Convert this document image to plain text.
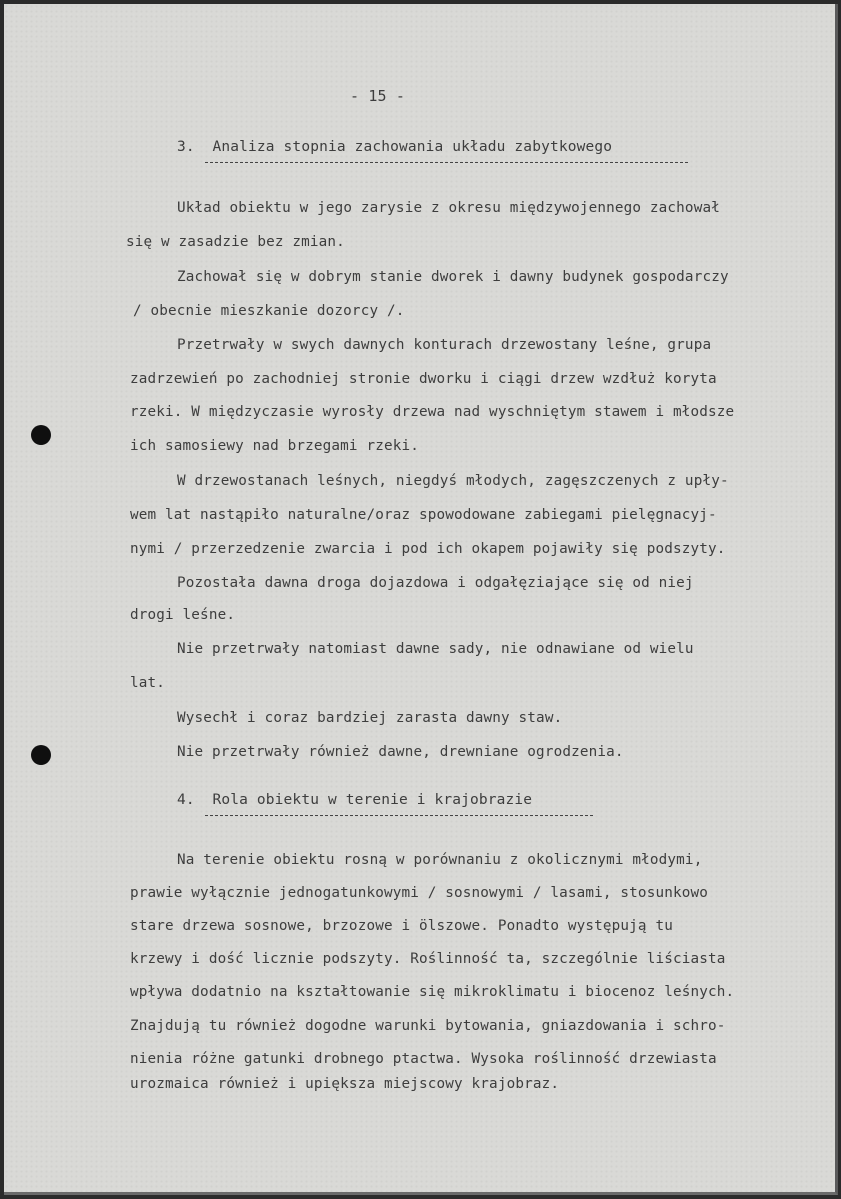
- 15 -
3.  Analiza stopnia zachowania układu zabytkowego
Układ obiektu w jego zarysie z okresu międzywojennego zachował
się w zasadzie bez zmian.
Zachował się w dobrym stanie dworek i dawny budynek gospodarczy
/ obecnie mieszkanie dozorcy /.
Przetrwały w swych dawnych konturach drzewostany leśne, grupa
zadrzewień po zachodniej stronie dworku i ciągi drzew wzdłuż koryta
rzeki. W międzyczasie wyrosły drzewa nad wyschniętym stawem i młodsze
ich samosiewy nad brzegami rzeki.
W drzewostanach leśnych, niegdyś młodych, zagęszczenych z upły-
wem lat nastąpiło naturalne/oraz spowodowane zabiegami pielęgnacyj-
nymi / przerzedzenie zwarcia i pod ich okapem pojawiły się podszyty.
Pozostała dawna droga dojazdowa i odgałęziające się od niej
drogi leśne.
Nie przetrwały natomiast dawne sady, nie odnawiane od wielu
lat.
Wysechł i coraz bardziej zarasta dawny staw.
Nie przetrwały również dawne, drewniane ogrodzenia.
4.  Rola obiektu w terenie i krajobrazie
Na terenie obiektu rosną w porównaniu z okolicznymi młodymi,
prawie wyłącznie jednogatunkowymi / sosnowymi / lasami, stosunkowo
stare drzewa sosnowe, brzozowe i ölszowe. Ponadto występują tu
krzewy i dość licznie podszyty. Roślinność ta, szczególnie liściasta
wpływa dodatnio na kształtowanie się mikroklimatu i biocenoz leśnych.
Znajdują tu również dogodne warunki bytowania, gniazdowania i schro-
nienia różne gatunki drobnego ptactwa. Wysoka roślinność drzewiasta
urozmaica również i upiększa miejscowy krajobraz.
